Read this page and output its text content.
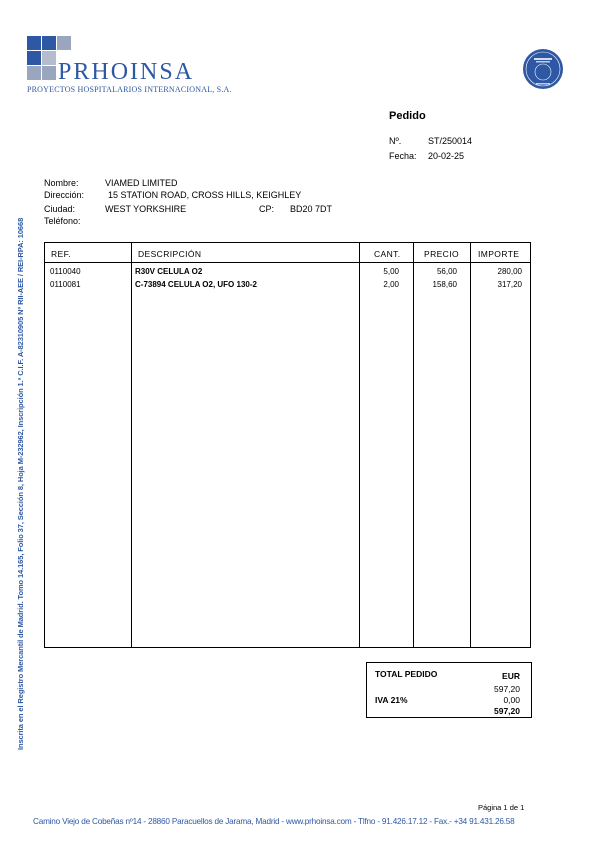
PRHOINSA
PROYECTOS HOSPITALARIOS INTERNACIONAL, S.A.
Inscrita en el Registro Mercantil de Madrid. Tomo 14.165, Folio 37, Sección 8, Hoja M-232962, Inscripción 1.ª C.I.F. A-82310905 Nº RII-AEE / REI-RPA: 10668
Pedido
Nº.	ST/250014
Fecha: 20-02-25
Nombre:	VIAMED LIMITED
Dirección:	15 STATION ROAD, CROSS HILLS, KEIGHLEY
Ciudad:	WEST YORKSHIRE	CP: BD20 7DT
Teléfono:
REF.	DESCRIPCIÓN	CANT.	PRECIO IMPORTE
0110040	R30V CELULA O2	5,00	56,00	280,00
0110081	C-73894 CELULA O2, UFO 130-2	2,00	158,60	317,20
TOTAL PEDIDO	EUR
597,20
IVA 21%	0,00
597,20
Página 1 de 1
Camino Viejo de Cobeñas nº14 - 28860 Paracuellos de Jarama, Madrid - www.prhoinsa.com - Tlfno - 91.426.17.12 - Fax.- +34 91.431.26.58
